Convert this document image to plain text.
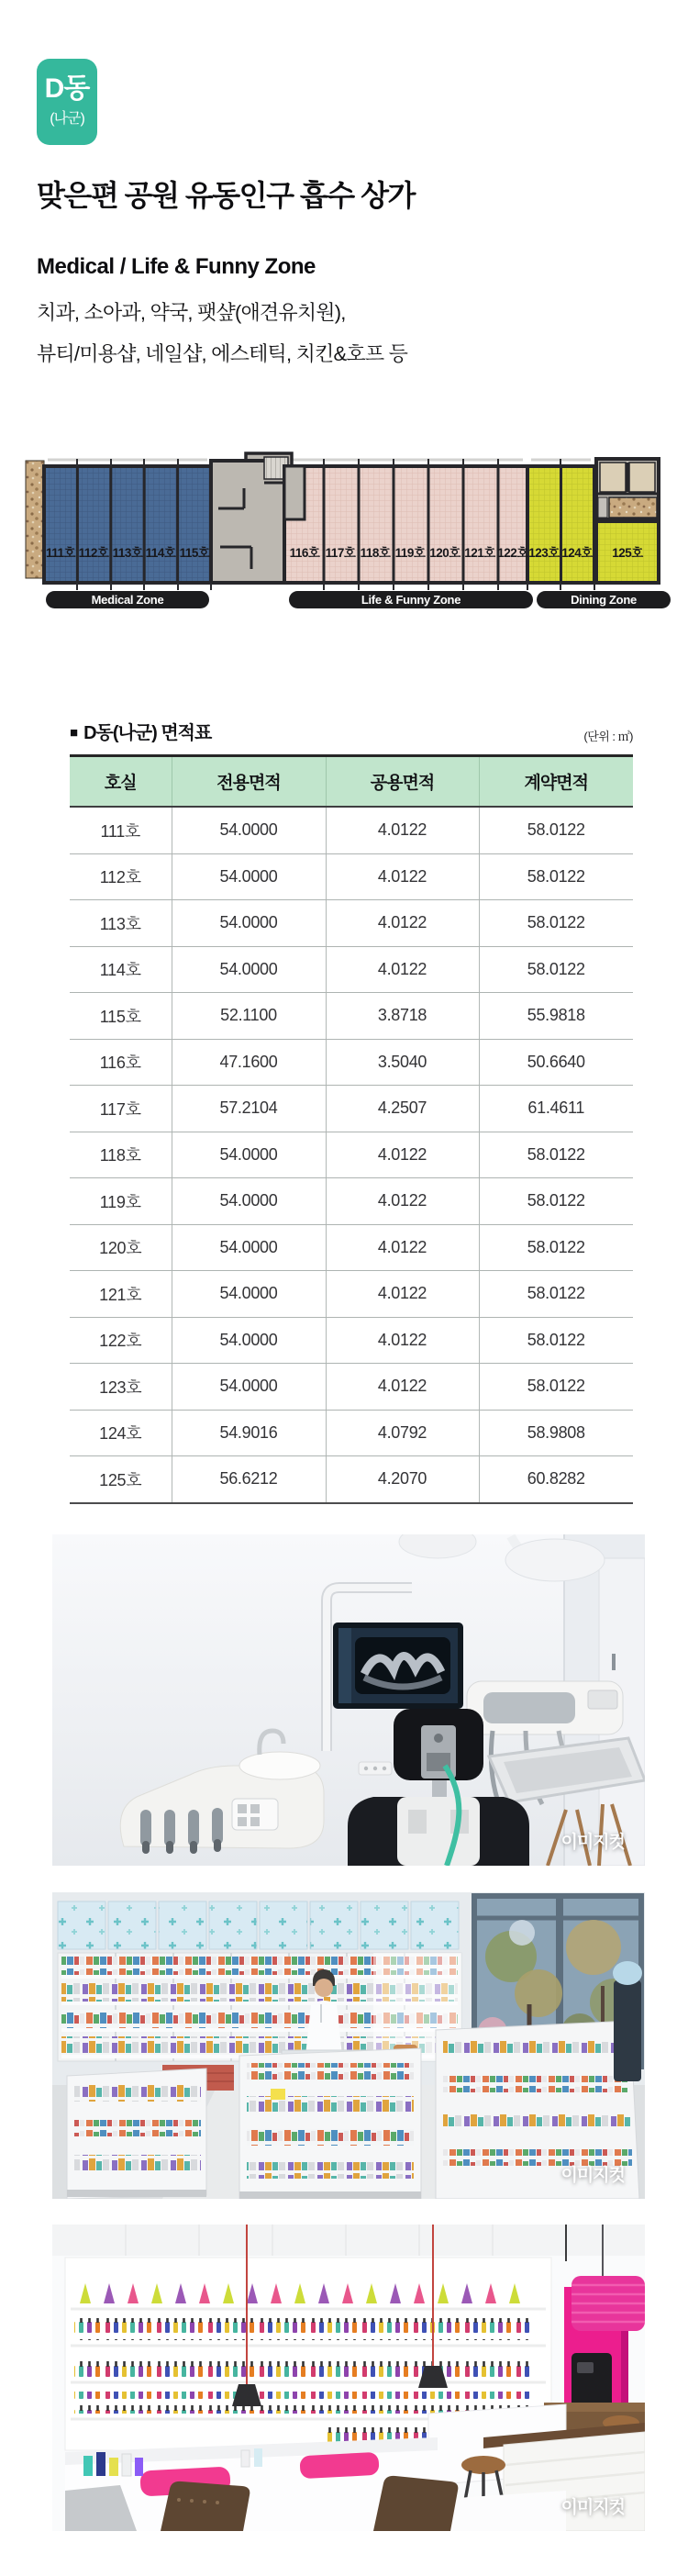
D동
(나군)
맞은편 공원 유동인구 흡수 상가
Medical / Life & Funny Zone
치과, 소아과, 약국, 팻샾(애견유치원),
뷰티/미용샵, 네일샵, 에스테틱, 치킨&호프 등
111호 112호 113호 114호 115호	116호 117호 118호 119호 120호 121호 122호 123호 124호 125호
Medical Zone	Life & Funny Zone	Dining Zone
■ D동(나군) 면적표	(단위 : ㎡)
호실	전용면적	공용면적	계약면적
111호	54.0000	4.0122	58.0122
112호	54.0000	4.0122	58.0122
113호	54.0000	4.0122	58.0122
114호	54.0000	4.0122	58.0122
115호	52.1100	3.8718	55.9818
116호	47.1600	3.5040	50.6640
117호	57.2104	4.2507	61.4611
118호	54.0000	4.0122	58.0122
119호	54.0000	4.0122	58.0122
120호	54.0000	4.0122	58.0122
121호	54.0000	4.0122	58.0122
122호	54.0000	4.0122	58.0122
123호	54.0000	4.0122	58.0122
124호	54.9016	4.0792	58.9808
125호	56.6212	4.2070	60.8282
이미지컷
이미지컷
이미지컷
